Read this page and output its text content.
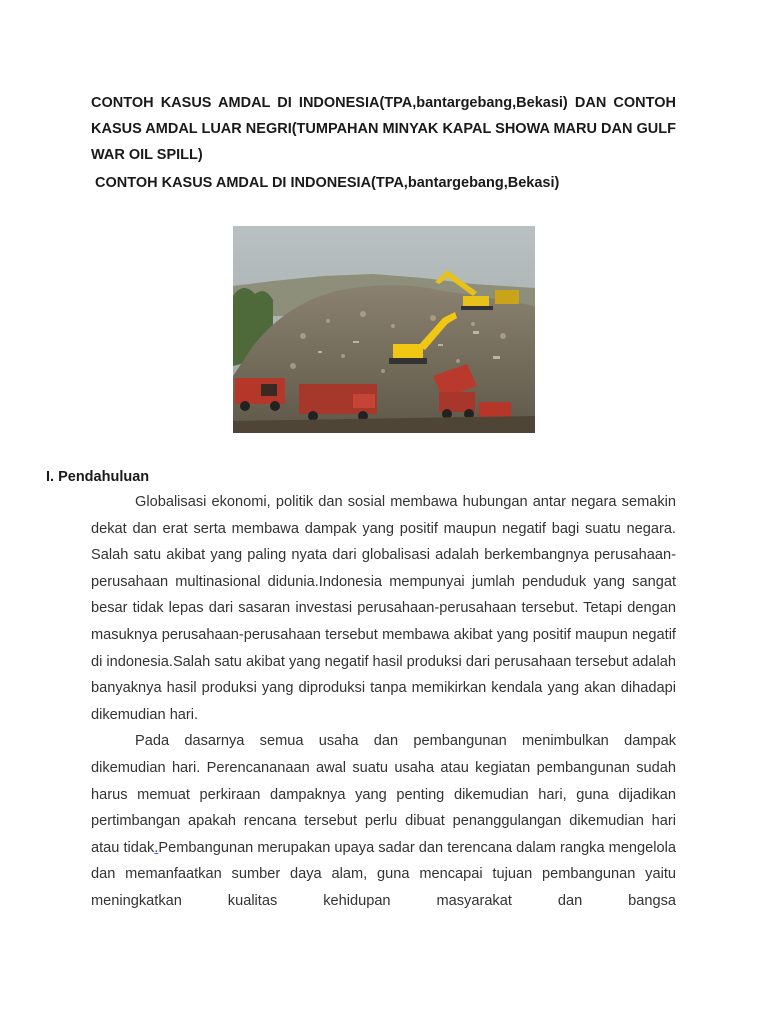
CONTOH KASUS AMDAL DI INDONESIA(TPA,bantargebang,Bekasi) DAN CONTOH KASUS AMDAL LUAR NEGRI(TUMPAHAN MINYAK KAPAL SHOWA MARU DAN GULF WAR OIL SPILL)
CONTOH KASUS AMDAL DI INDONESIA(TPA,bantargebang,Bekasi)
I. Pendahuluan

Globalisasi ekonomi, politik dan sosial membawa hubungan antar negara semakin dekat dan erat serta membawa dampak yang positif maupun negatif bagi suatu negara. Salah satu akibat yang paling nyata dari globalisasi adalah berkembangnya perusahaan-perusahaan multinasional didunia.Indonesia mempunyai jumlah penduduk yang sangat besar tidak lepas dari sasaran investasi perusahaan-perusahaan tersebut. Tetapi dengan masuknya perusahaan-perusahaan tersebut membawa akibat yang positif maupun negatif di indonesia.Salah satu akibat yang negatif hasil produksi dari perusahaan tersebut adalah banyaknya hasil produksi yang diproduksi tanpa memikirkan kendala yang akan dihadapi dikemudian hari.

Pada dasarnya semua usaha dan pembangunan menimbulkan dampak dikemudian hari. Perencananaan awal suatu usaha atau kegiatan pembangunan sudah harus memuat perkiraan dampaknya yang penting dikemudian hari, guna dijadikan pertimbangan apakah rencana tersebut perlu dibuat penanggulangan dikemudian hari atau tidak.Pembangunan merupakan upaya sadar dan terencana dalam rangka mengelola dan memanfaatkan sumber daya alam, guna mencapai tujuan pembangunan yaitu meningkatkan kualitas kehidupan masyarakat dan bangsa
